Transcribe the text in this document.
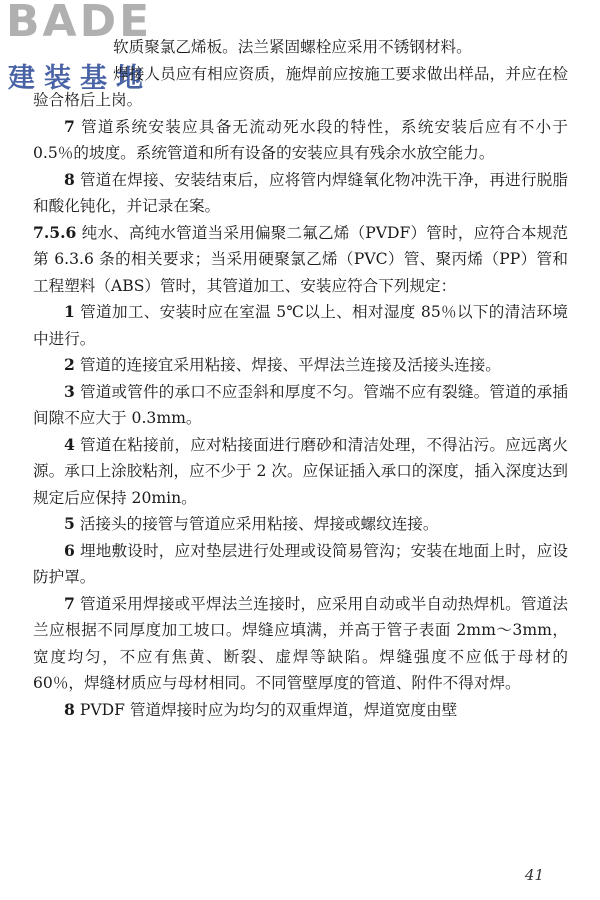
BADE
建装基地

软质聚氯乙烯板。法兰紧固螺栓应采用不锈钢材料。

焊接人员应有相应资质，施焊前应按施工要求做出样品，并应在检验合格后上岗。

7 管道系统安装应具备无流动死水段的特性，系统安装后应有不小于0.5％的坡度。系统管道和所有设备的安装应具有残余水放空能力。

8 管道在焊接、安装结束后，应将管内焊缝氧化物冲洗干净，再进行脱脂和酸化钝化，并记录在案。

7.5.6 纯水、高纯水管道当采用偏聚二氟乙烯（PVDF）管时，应符合本规范第 6.3.6 条的相关要求；当采用硬聚氯乙烯（PVC）管、聚丙烯（PP）管和工程塑料（ABS）管时，其管道加工、安装应符合下列规定：

1 管道加工、安装时应在室温 5℃以上、相对湿度 85％以下的清洁环境中进行。

2 管道的连接宜采用粘接、焊接、平焊法兰连接及活接头连接。

3 管道或管件的承口不应歪斜和厚度不匀。管端不应有裂缝。管道的承插间隙不应大于 0.3mm。

4 管道在粘接前，应对粘接面进行磨砂和清洁处理，不得沾污。应远离火源。承口上涂胶粘剂，应不少于 2 次。应保证插入承口的深度，插入深度达到规定后应保持 20min。

5 活接头的接管与管道应采用粘接、焊接或螺纹连接。

6 埋地敷设时，应对垫层进行处理或设简易管沟；安装在地面上时，应设防护罩。

7 管道采用焊接或平焊法兰连接时，应采用自动或半自动热焊机。管道法兰应根据不同厚度加工坡口。焊缝应填满，并高于管子表面 2mm～3mm，宽度均匀，不应有焦黄、断裂、虚焊等缺陷。焊缝强度不应低于母材的 60％，焊缝材质应与母材相同。不同管壁厚度的管道、附件不得对焊。

8 PVDF 管道焊接时应为均匀的双重焊道，焊道宽度由壁

41
